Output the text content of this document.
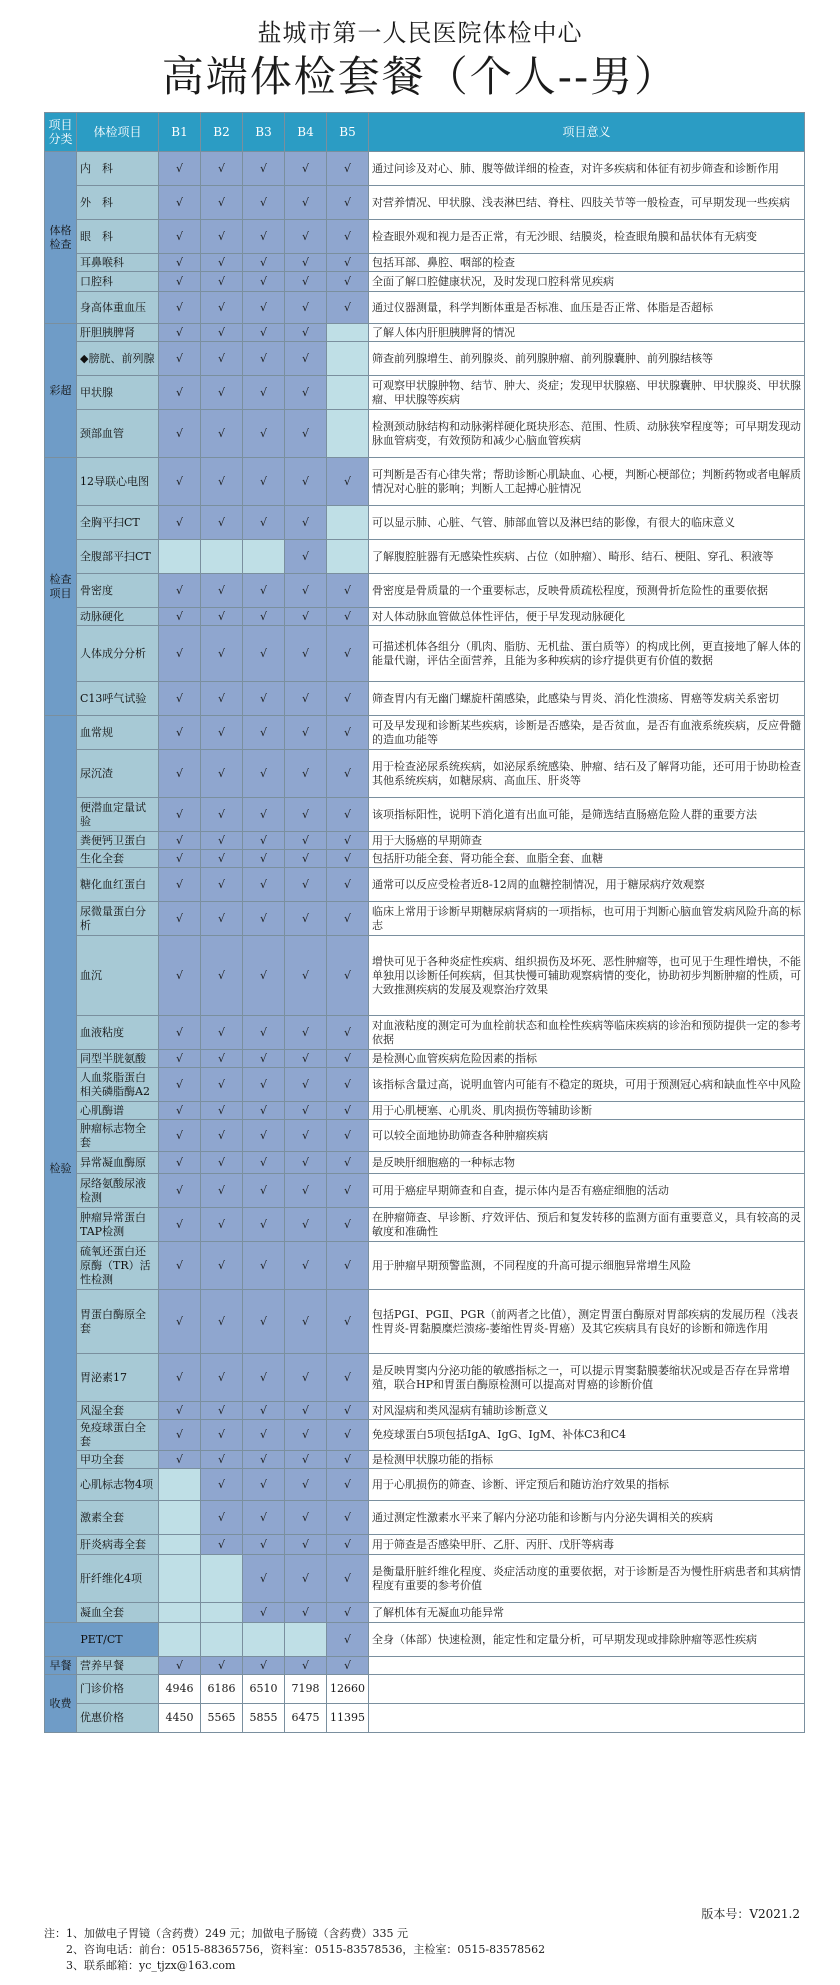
盐城市第一人民医院体检中心
高端体检套餐（个人--男）
项目
分类	体检项目	B1	B2	B3	B4	B5	项目意义
体格
检查	内　科	√	√	√	√	√	通过问诊及对心、肺、腹等做详细的检查，对许多疾病和体征有初步筛查和诊断作用
	外　科	√	√	√	√	√	对营养情况、甲状腺、浅表淋巴结、脊柱、四肢关节等一般检查，可早期发现一些疾病
	眼　科	√	√	√	√	√	检查眼外观和视力是否正常，有无沙眼、结膜炎，检查眼角膜和晶状体有无病变
	耳鼻喉科	√	√	√	√	√	包括耳部、鼻腔、咽部的检查
	口腔科	√	√	√	√	√	全面了解口腔健康状况，及时发现口腔科常见疾病
	身高体重血压	√	√	√	√	√	通过仪器测量，科学判断体重是否标准、血压是否正常、体脂是否超标
彩超	肝胆胰脾肾	√	√	√	√		了解人体内肝胆胰脾肾的情况
	◆膀胱、前列腺	√	√	√	√		筛查前列腺增生、前列腺炎、前列腺肿瘤、前列腺囊肿、前列腺结核等
	甲状腺	√	√	√	√		可观察甲状腺肿物、结节、肿大、炎症；发现甲状腺癌、甲状腺囊肿、甲状腺炎、甲状腺瘤、甲状腺等疾病
	颈部血管	√	√	√	√		检测颈动脉结构和动脉粥样硬化斑块形态、范围、性质、动脉狭窄程度等；可早期发现动脉血管病变，有效预防和减少心脑血管疾病
检查
项目	12导联心电图	√	√	√	√	√	可判断是否有心律失常；帮助诊断心肌缺血、心梗，判断心梗部位；判断药物或者电解质情况对心脏的影响；判断人工起搏心脏情况
	全胸平扫CT	√	√	√	√		可以显示肺、心脏、气管、肺部血管以及淋巴结的影像，有很大的临床意义
	全腹部平扫CT				√		了解腹腔脏器有无感染性疾病、占位（如肿瘤）、畸形、结石、梗阻、穿孔、积液等
	骨密度	√	√	√	√	√	骨密度是骨质量的一个重要标志，反映骨质疏松程度，预测骨折危险性的重要依据
	动脉硬化	√	√	√	√	√	对人体动脉血管做总体性评估，便于早发现动脉硬化
	人体成分分析	√	√	√	√	√	可描述机体各组分（肌肉、脂肪、无机盐、蛋白质等）的构成比例，更直接地了解人体的能量代谢，评估全面营养，且能为多种疾病的诊疗提供更有价值的数据
	C13呼气试验	√	√	√	√	√	筛查胃内有无幽门螺旋杆菌感染，此感染与胃炎、消化性溃疡、胃癌等发病关系密切
检验	血常规	√	√	√	√	√	可及早发现和诊断某些疾病，诊断是否感染，是否贫血，是否有血液系统疾病，反应骨髓的造血功能等
	尿沉渣	√	√	√	√	√	用于检查泌尿系统疾病，如泌尿系统感染、肿瘤、结石及了解肾功能，还可用于协助检查其他系统疾病，如糖尿病、高血压、肝炎等
	便潜血定量试验	√	√	√	√	√	该项指标阳性，说明下消化道有出血可能，是筛选结直肠癌危险人群的重要方法
	粪便钙卫蛋白	√	√	√	√	√	用于大肠癌的早期筛查
	生化全套	√	√	√	√	√	包括肝功能全套、肾功能全套、血脂全套、血糖
	糖化血红蛋白	√	√	√	√	√	通常可以反应受检者近8-12周的血糖控制情况，用于糖尿病疗效观察
	尿微量蛋白分析	√	√	√	√	√	临床上常用于诊断早期糖尿病肾病的一项指标，也可用于判断心脑血管发病风险升高的标志
	血沉	√	√	√	√	√	增快可见于各种炎症性疾病、组织损伤及坏死、恶性肿瘤等，也可见于生理性增快，不能单独用以诊断任何疾病，但其快慢可辅助观察病情的变化，协助初步判断肿瘤的性质，可大致推测疾病的发展及观察治疗效果
	血液粘度	√	√	√	√	√	对血液粘度的测定可为血栓前状态和血栓性疾病等临床疾病的诊治和预防提供一定的参考依据
	同型半胱氨酸	√	√	√	√	√	是检测心血管疾病危险因素的指标
	人血浆脂蛋白相关磷脂酶A2	√	√	√	√	√	该指标含量过高，说明血管内可能有不稳定的斑块，可用于预测冠心病和缺血性卒中风险
	心肌酶谱	√	√	√	√	√	用于心肌梗塞、心肌炎、肌肉损伤等辅助诊断
	肿瘤标志物全套	√	√	√	√	√	可以较全面地协助筛查各种肿瘤疾病
	异常凝血酶原	√	√	√	√	√	是反映肝细胞癌的一种标志物
	尿络氨酸尿液检测	√	√	√	√	√	可用于癌症早期筛查和自查，提示体内是否有癌症细胞的活动
	肿瘤异常蛋白TAP检测	√	√	√	√	√	在肿瘤筛查、早诊断、疗效评估、预后和复发转移的监测方面有重要意义，具有较高的灵敏度和准确性
	硫氧还蛋白还原酶（TR）活性检测	√	√	√	√	√	用于肿瘤早期预警监测，不同程度的升高可提示细胞异常增生风险
	胃蛋白酶原全套	√	√	√	√	√	包括PGⅠ、PGⅡ、PGR（前两者之比值），测定胃蛋白酶原对胃部疾病的发展历程（浅表性胃炎-胃黏膜糜烂溃疡-萎缩性胃炎-胃癌）及其它疾病具有良好的诊断和筛选作用
	胃泌素17	√	√	√	√	√	是反映胃窦内分泌功能的敏感指标之一，可以提示胃窦黏膜萎缩状况或是否存在异常增殖，联合HP和胃蛋白酶原检测可以提高对胃癌的诊断价值
	风湿全套	√	√	√	√	√	对风湿病和类风湿病有辅助诊断意义
	免疫球蛋白全套	√	√	√	√	√	免疫球蛋白5项包括IgA、IgG、IgM、补体C3和C4
	甲功全套	√	√	√	√	√	是检测甲状腺功能的指标
	心肌标志物4项		√	√	√	√	用于心肌损伤的筛查、诊断、评定预后和随访治疗效果的指标
	激素全套		√	√	√	√	通过测定性激素水平来了解内分泌功能和诊断与内分泌失调相关的疾病
	肝炎病毒全套		√	√	√	√	用于筛查是否感染甲肝、乙肝、丙肝、戊肝等病毒
	肝纤维化4项			√	√	√	是衡量肝脏纤维化程度、炎症活动度的重要依据，对于诊断是否为慢性肝病患者和其病情程度有重要的参考价值
	凝血全套			√	√	√	了解机体有无凝血功能异常
PET/CT						√	全身（体部）快速检测，能定性和定量分析，可早期发现或排除肿瘤等恶性疾病
早餐	营养早餐	√	√	√	√	√	
收费	门诊价格	4946	6186	6510	7198	12660	
	优惠价格	4450	5565	5855	6475	11395	
版本号：V2021.2
注：1、加做电子胃镜（含药费）249 元；加做电子肠镜（含药费）335 元
2、咨询电话：前台：0515-88365756，资料室：0515-83578536，主检室：0515-83578562
3、联系邮箱：yc_tjzx@163.com
